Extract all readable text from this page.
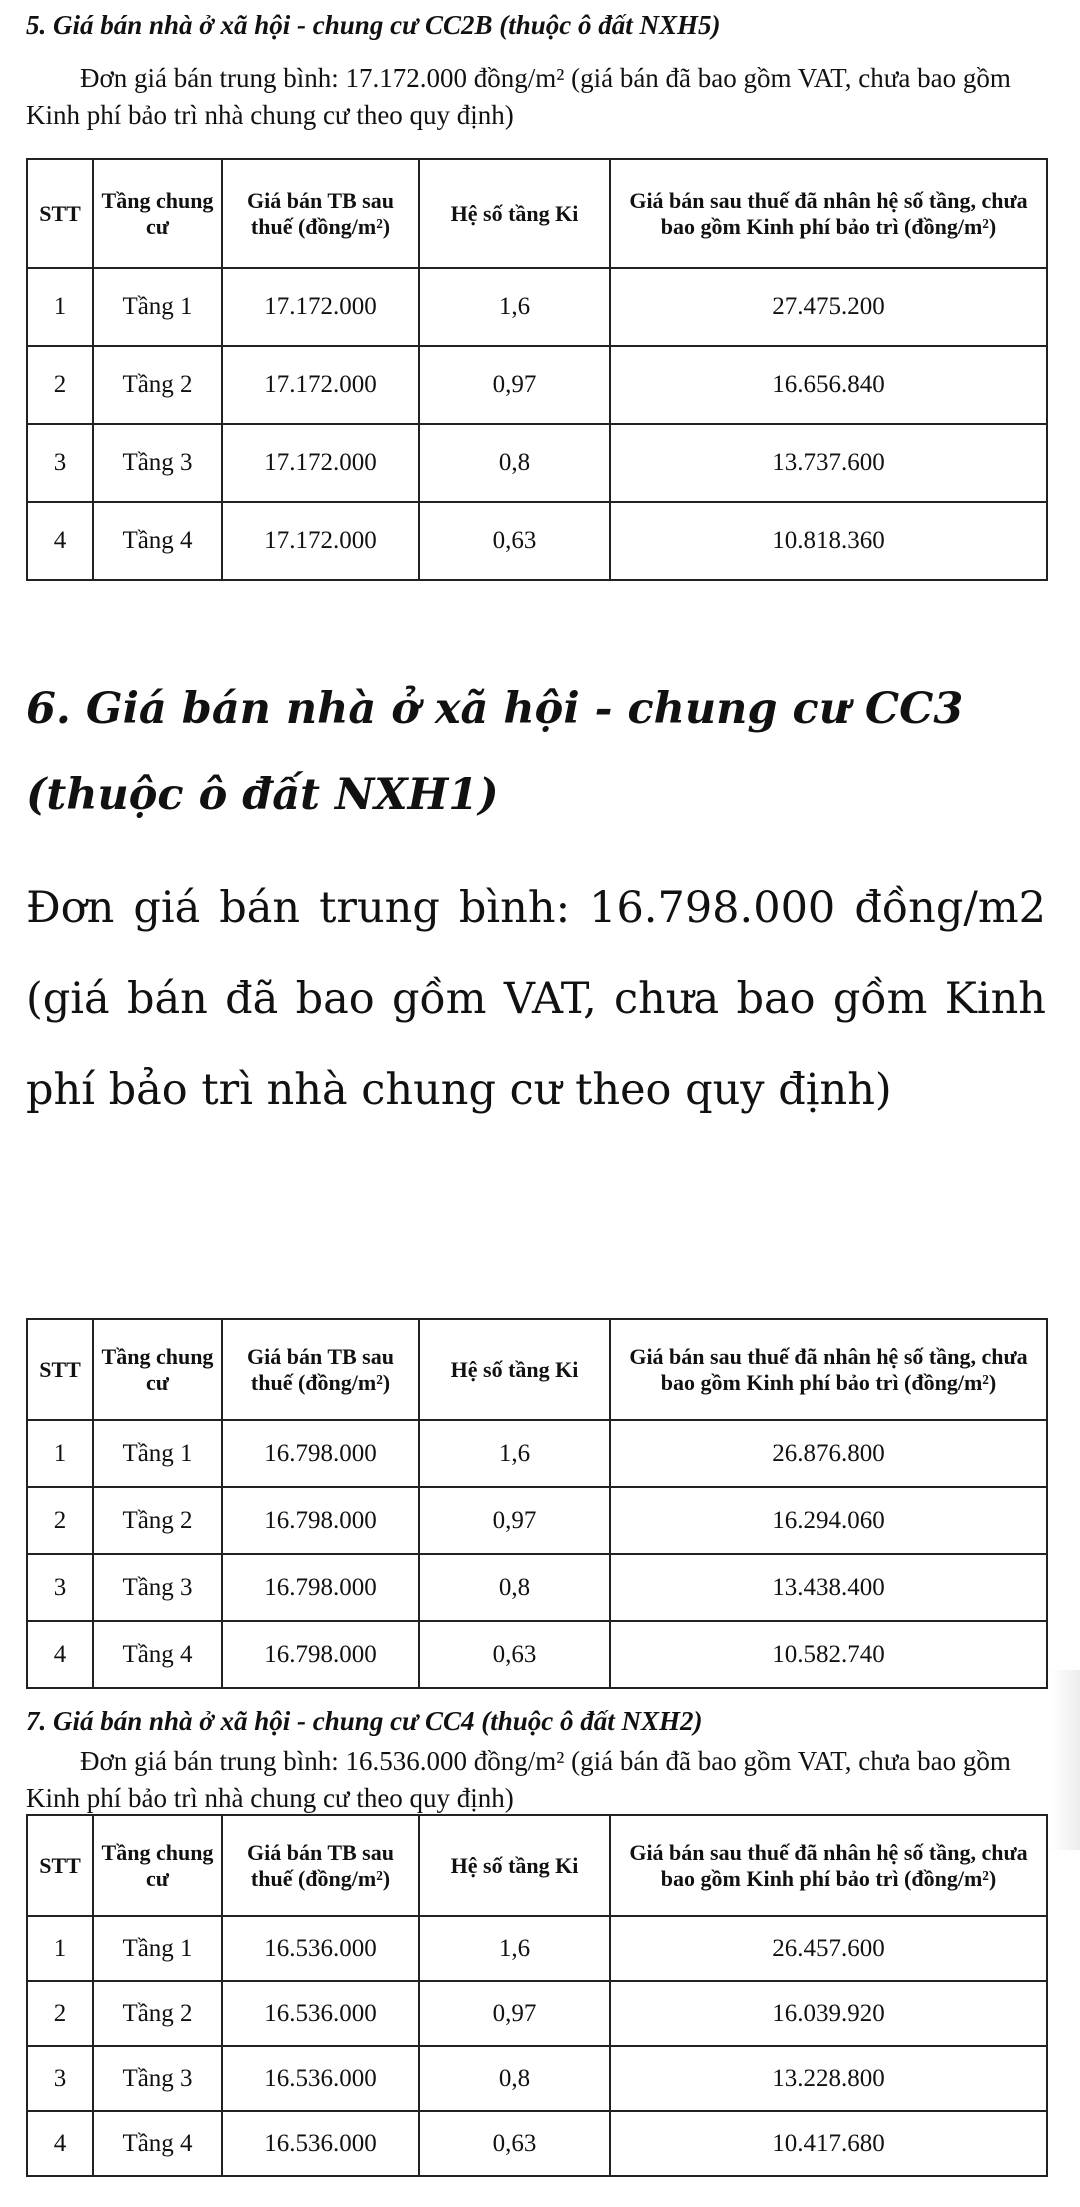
5. Giá bán nhà ở xã hội - chung cư CC2B (thuộc ô đất NXH5)
Đơn giá bán trung bình: 17.172.000 đồng/m² (giá bán đã bao gồm VAT, chưa bao gồm Kinh phí bảo trì nhà chung cư theo quy định)
STT	Tầng chung cư	Giá bán TB sau thuế (đồng/m²)	Hệ số tầng Ki	Giá bán sau thuế đã nhân hệ số tầng, chưa bao gồm Kinh phí bảo trì (đồng/m²)
1	Tầng 1	17.172.000	1,6	27.475.200
2	Tầng 2	17.172.000	0,97	16.656.840
3	Tầng 3	17.172.000	0,8	13.737.600
4	Tầng 4	17.172.000	0,63	10.818.360
6. Giá bán nhà ở xã hội - chung cư CC3 (thuộc ô đất NXH1)
Đơn giá bán trung bình: 16.798.000 đồng/m2 (giá bán đã bao gồm VAT, chưa bao gồm Kinh phí bảo trì nhà chung cư theo quy định)
STT	Tầng chung cư	Giá bán TB sau thuế (đồng/m²)	Hệ số tầng Ki	Giá bán sau thuế đã nhân hệ số tầng, chưa bao gồm Kinh phí bảo trì (đồng/m²)
1	Tầng 1	16.798.000	1,6	26.876.800
2	Tầng 2	16.798.000	0,97	16.294.060
3	Tầng 3	16.798.000	0,8	13.438.400
4	Tầng 4	16.798.000	0,63	10.582.740
7. Giá bán nhà ở xã hội - chung cư CC4 (thuộc ô đất NXH2)
Đơn giá bán trung bình: 16.536.000 đồng/m² (giá bán đã bao gồm VAT, chưa bao gồm Kinh phí bảo trì nhà chung cư theo quy định)
STT	Tầng chung cư	Giá bán TB sau thuế (đồng/m²)	Hệ số tầng Ki	Giá bán sau thuế đã nhân hệ số tầng, chưa bao gồm Kinh phí bảo trì (đồng/m²)
1	Tầng 1	16.536.000	1,6	26.457.600
2	Tầng 2	16.536.000	0,97	16.039.920
3	Tầng 3	16.536.000	0,8	13.228.800
4	Tầng 4	16.536.000	0,63	10.417.680
